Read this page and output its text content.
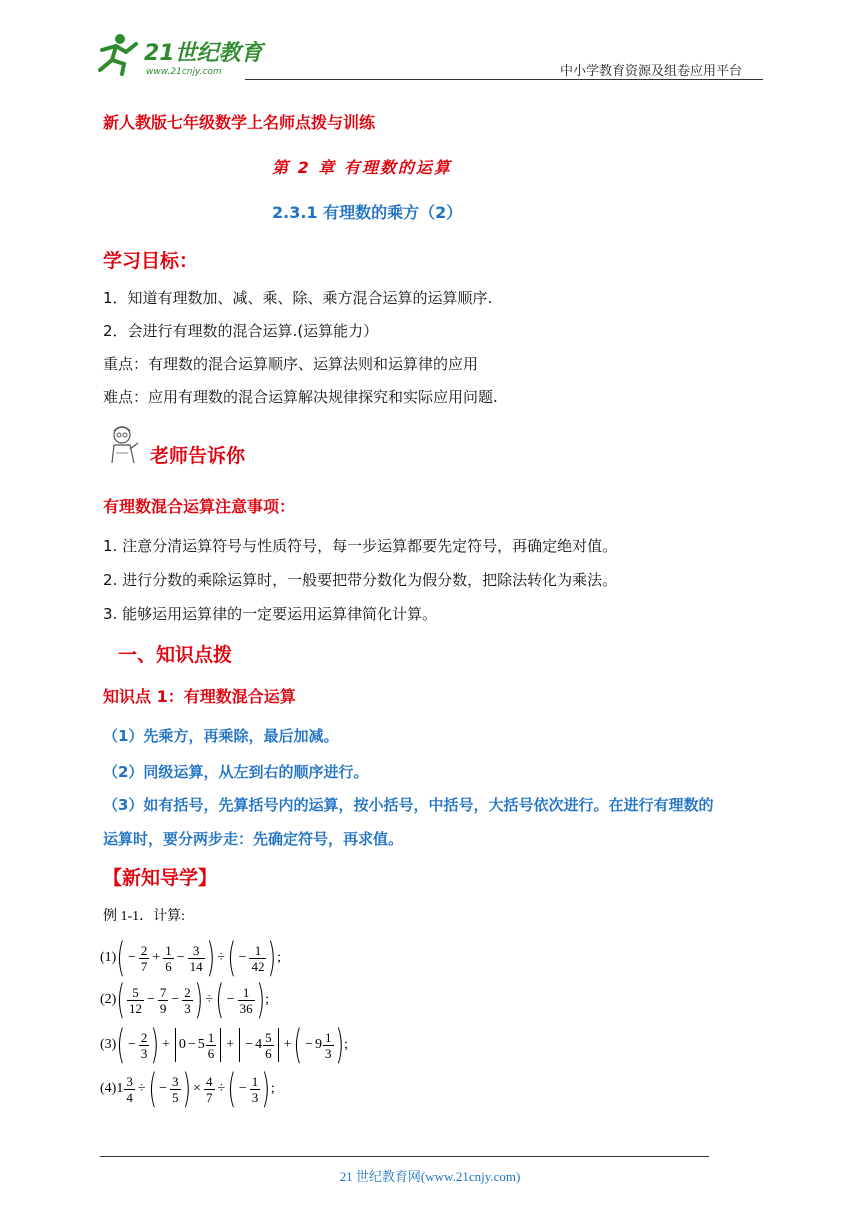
21世纪教育
www.21cnjy.com	中小学教育资源及组卷应用平台
新人教版七年级数学上名师点拨与训练
第 2 章 有理数的运算
2.3.1 有理数的乘方（2）
学习目标：
1．知道有理数加、减、乘、除、乘方混合运算的运算顺序.
2．会进行有理数的混合运算.(运算能力）
重点：有理数的混合运算顺序、运算法则和运算律的应用
难点：应用有理数的混合运算解决规律探究和实际应用问题.
老师告诉你
有理数混合运算注意事项：
1. 注意分清运算符号与性质符号，每一步运算都要先定符号，再确定绝对值。
2. 进行分数的乘除运算时，一般要把带分数化为假分数，把除法转化为乘法。
3. 能够运用运算律的一定要运用运算律简化计算。
一、知识点拨
知识点 1：有理数混合运算
（1）先乘方，再乘除，最后加减。
（2）同级运算，从左到右的顺序进行。
（3）如有括号，先算括号内的运算，按小括号，中括号，大括号依次进行。在进行有理数的
运算时，要分两步走：先确定符号，再求值。
【新知导学】
例 1-1．计算:
(1) ( − $\frac{2}{7} + \frac{1}{6} - \frac{3}{14}$ ) ÷ ( − $\frac{1}{42}$ ) ;
(2) ( $\frac{5}{12} - \frac{7}{9} - \frac{2}{3}$ ) ÷ ( − $\frac{1}{36}$ ) ;
(3) ( − $\frac{2}{3}$ ) + $0 - 5 \frac{1}{6}$ + − $4 \frac{5}{6}$ + ( − $9 \frac{1}{3}$ ) ;
(4) $1 \frac{3}{4}$ ÷ ( − $\frac{3}{5}$ ) × $\frac{4}{7}$ ÷ ( − $\frac{1}{3}$ ) ;
21 世纪教育网(www.21cnjy.com)
